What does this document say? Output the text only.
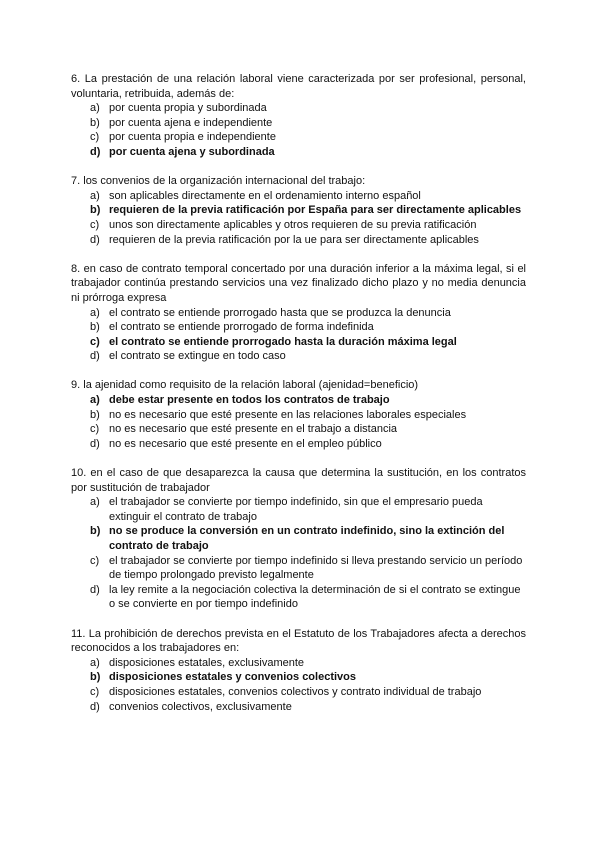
6. La prestación de una relación laboral viene caracterizada por ser profesional, personal, voluntaria, retribuida, además de:

a) por cuenta propia y subordinada
b) por cuenta ajena e independiente
c) por cuenta propia e independiente
d) por cuenta ajena y subordinada

7. los convenios de la organización internacional del trabajo:

a) son aplicables directamente en el ordenamiento interno español
b) requieren de la previa ratificación por España para ser directamente aplicables
c) unos son directamente aplicables y otros requieren de su previa ratificación
d) requieren de la previa ratificación por la ue para ser directamente aplicables

8. en caso de contrato temporal concertado por una duración inferior a la máxima legal, si el trabajador continúa prestando servicios una vez finalizado dicho plazo y no media denuncia ni prórroga expresa

a) el contrato se entiende prorrogado hasta que se produzca la denuncia
b) el contrato se entiende prorrogado de forma indefinida
c) el contrato se entiende prorrogado hasta la duración máxima legal
d) el contrato se extingue en todo caso

9. la ajenidad como requisito de la relación laboral (ajenidad=beneficio)

a) debe estar presente en todos los contratos de trabajo
b) no es necesario que esté presente en las relaciones laborales especiales
c) no es necesario que esté presente en el trabajo a distancia
d) no es necesario que esté presente en el empleo público

10. en el caso de que desaparezca la causa que determina la sustitución, en los contratos por sustitución de trabajador

a) el trabajador se convierte por tiempo indefinido, sin que el empresario pueda extinguir el contrato de trabajo
b) no se produce la conversión en un contrato indefinido, sino la extinción del contrato de trabajo
c) el trabajador se convierte por tiempo indefinido si lleva prestando servicio un período de tiempo prolongado previsto legalmente
d) la ley remite a la negociación colectiva la determinación de si el contrato se extingue o se convierte en por tiempo indefinido

11. La prohibición de derechos prevista en el Estatuto de los Trabajadores afecta a derechos reconocidos a los trabajadores en:

a) disposiciones estatales, exclusivamente
b) disposiciones estatales y convenios colectivos
c) disposiciones estatales, convenios colectivos y contrato individual de trabajo
d) convenios colectivos, exclusivamente
